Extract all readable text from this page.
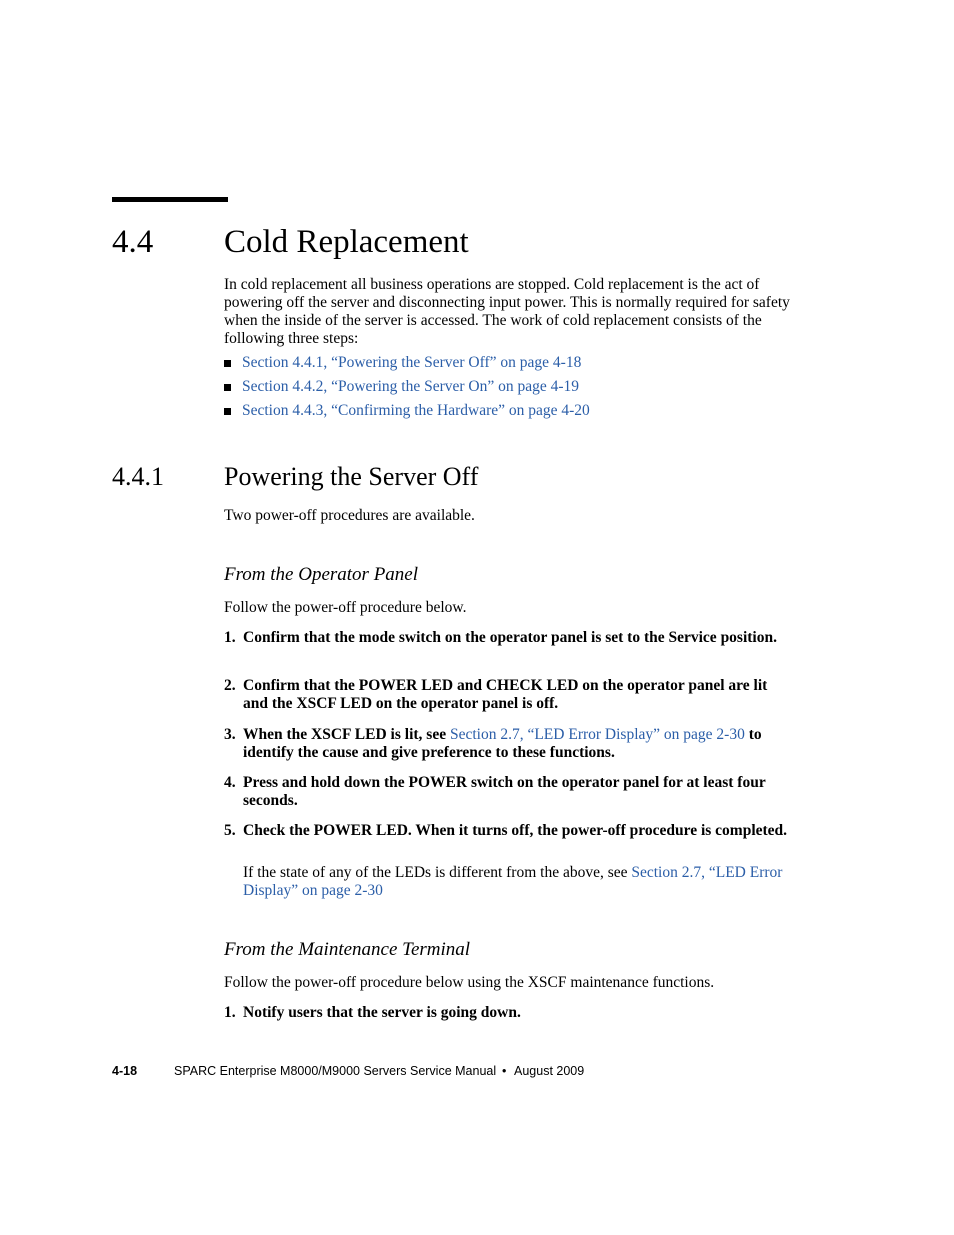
4.4 Cold Replacement
In cold replacement all business operations are stopped. Cold replacement is the act of powering off the server and disconnecting input power. This is normally required for safety when the inside of the server is accessed. The work of cold replacement consists of the following three steps:
Section 4.4.1, “Powering the Server Off” on page 4-18
Section 4.4.2, “Powering the Server On” on page 4-19
Section 4.4.3, “Confirming the Hardware” on page 4-20
4.4.1 Powering the Server Off
Two power-off procedures are available.
From the Operator Panel
Follow the power-off procedure below.
1. Confirm that the mode switch on the operator panel is set to the Service position.
2. Confirm that the POWER LED and CHECK LED on the operator panel are lit and the XSCF LED on the operator panel is off.
3. When the XSCF LED is lit, see Section 2.7, “LED Error Display” on page 2-30 to identify the cause and give preference to these functions.
4. Press and hold down the POWER switch on the operator panel for at least four seconds.
5. Check the POWER LED. When it turns off, the power-off procedure is completed.
If the state of any of the LEDs is different from the above, see Section 2.7, “LED Error Display” on page 2-30
From the Maintenance Terminal
Follow the power-off procedure below using the XSCF maintenance functions.
1. Notify users that the server is going down.
4-18	SPARC Enterprise M8000/M9000 Servers Service Manual • August 2009
